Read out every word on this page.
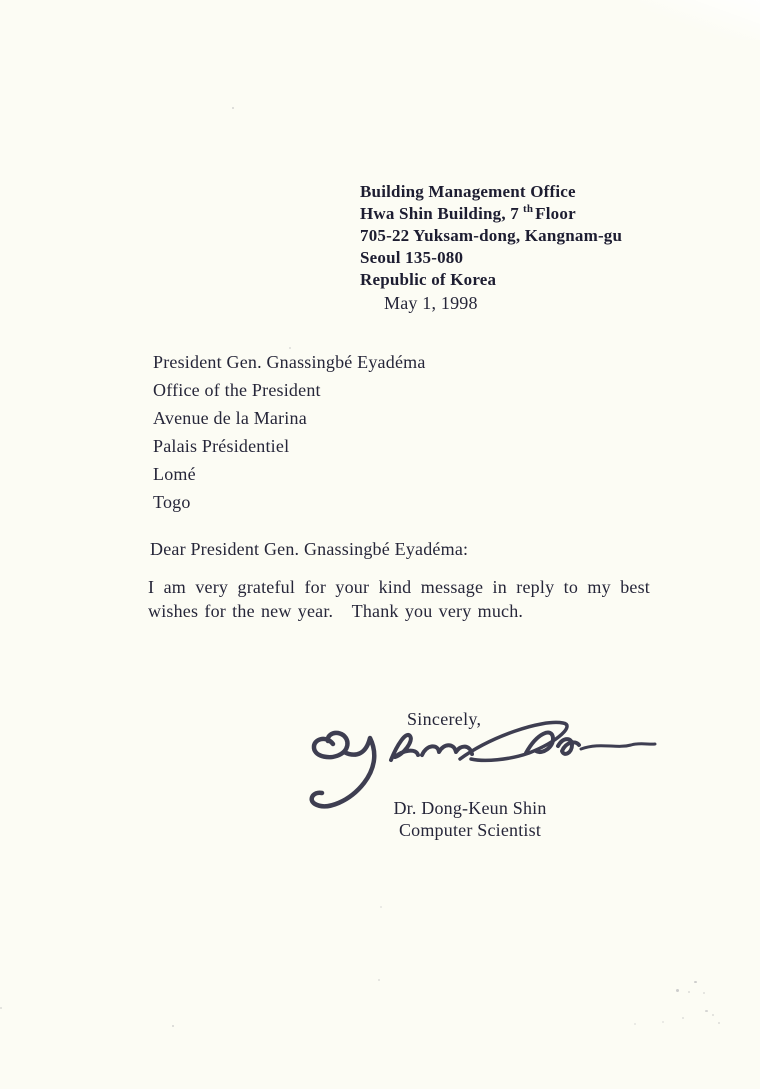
Building Management Office
Hwa Shin Building, 7 $^{th}$ Floor
705-22 Yuksam-dong, Kangnam-gu
Seoul 135-080
Republic of Korea
May 1, 1998
President Gen. Gnassingbé Eyadéma
Office of the President
Avenue de la Marina
Palais Présidentiel
Lomé
Togo
Dear President Gen. Gnassingbé Eyadéma:
I am very grateful for your kind message in reply to my best wishes for the new year.  Thank you very much.
Sincerely,
Dr. Dong-Keun Shin
Computer Scientist
